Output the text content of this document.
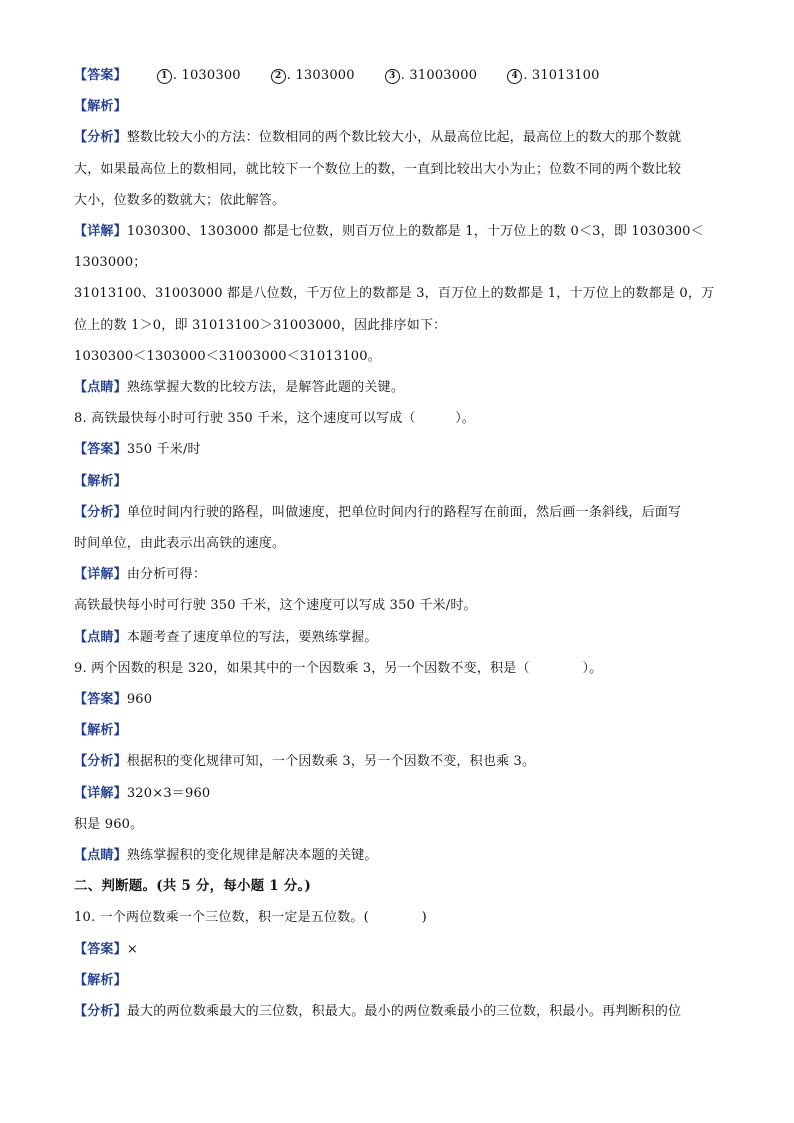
【答案】	1 . 1030300	2 . 1303000	3 . 31003000	4 . 31013100
【解析】
【分析】整数比较大小的方法：位数相同的两个数比较大小，从最高位比起，最高位上的数大的那个数就
大，如果最高位上的数相同，就比较下一个数位上的数，一直到比较出大小为止；位数不同的两个数比较
大小，位数多的数就大；依此解答。
【详解】1030300、1303000 都是七位数，则百万位上的数都是 1，十万位上的数 0＜3，即 1030300＜
1303000；
31013100、31003000 都是八位数，千万位上的数都是 3，百万位上的数都是 1，十万位上的数都是 0，万
位上的数 1＞0，即 31013100＞31003000，因此排序如下：
1030300＜1303000＜31003000＜31013100。
【点睛】熟练掌握大数的比较方法，是解答此题的关键。
8. 高铁最快每小时可行驶 350 千米，这个速度可以写成（　　　）。
【答案】350 千米/时
【解析】
【分析】单位时间内行驶的路程，叫做速度，把单位时间内行的路程写在前面，然后画一条斜线，后面写
时间单位，由此表示出高铁的速度。
【详解】由分析可得：
高铁最快每小时可行驶 350 千米，这个速度可以写成 350 千米/时。
【点睛】本题考查了速度单位的写法，要熟练掌握。
9. 两个因数的积是 320，如果其中的一个因数乘 3，另一个因数不变，积是（　　　　）。
【答案】960
【解析】
【分析】根据积的变化规律可知，一个因数乘 3，另一个因数不变，积也乘 3。
【详解】320×3＝960
积是 960。
【点睛】熟练掌握积的变化规律是解决本题的关键。
二、判断题。(共 5 分，每小题 1 分。)
10. 一个两位数乘一个三位数，积一定是五位数。(　　　　)
【答案】×
【解析】
【分析】最大的两位数乘最大的三位数，积最大。最小的两位数乘最小的三位数，积最小。再判断积的位
